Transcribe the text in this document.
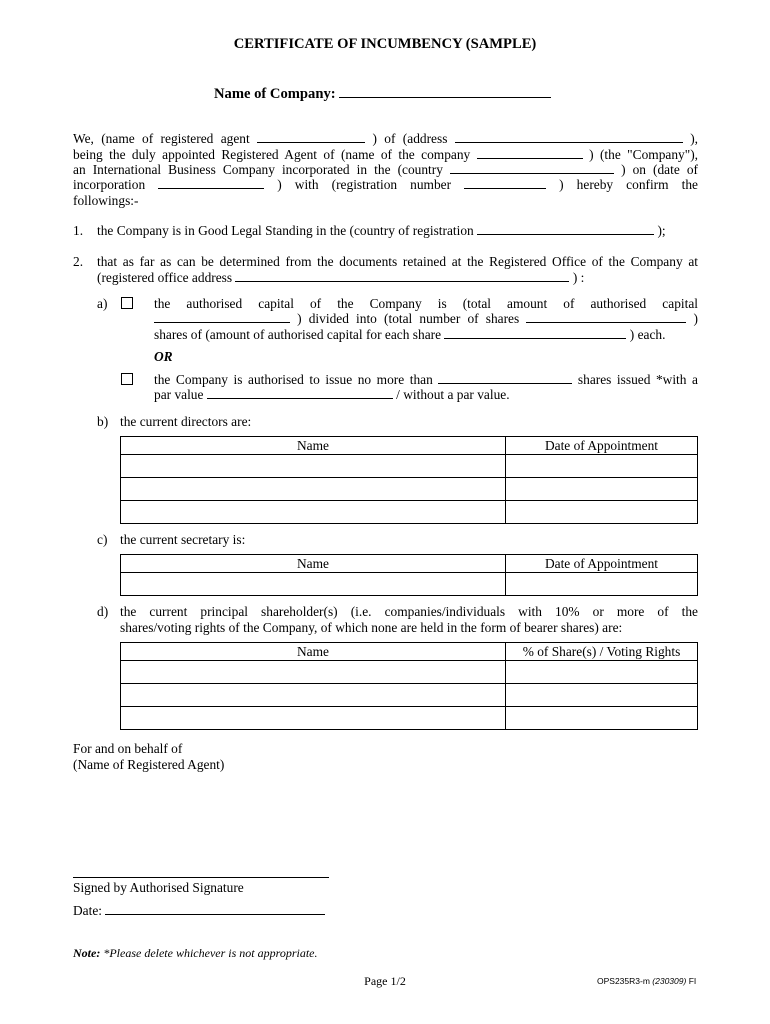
CERTIFICATE OF INCUMBENCY (SAMPLE)
Name of Company:
We, (name of registered agent	) of (address	),
being the duly appointed Registered Agent of (name of the company	) (the "Company"),
an International Business Company incorporated in the (country	) on (date of
incorporation	) with (registration number	) hereby confirm the
followings:-
1. the Company is in Good Legal Standing in the (country of registration	);
2. that as far as can be determined from the documents retained at the Registered Office of the Company at
(registered office address	) :
a)	the authorised capital of the Company is (total amount of authorised capital
) divided into (total number of shares	)
shares of (amount of authorised capital for each share	) each.
OR
the Company is authorised to issue no more than	shares issued *with a
par value	/ without a par value.
b) the current directors are:
Name	Date of Appointment

c) the current secretary is:
Name	Date of Appointment

d) the current principal shareholder(s) (i.e. companies/individuals with 10% or more of the
shares/voting rights of the Company, of which none are held in the form of bearer shares) are:
Name	% of Share(s) / Voting Rights

For and on behalf of
(Name of Registered Agent)
Signed by Authorised Signature
Date:
Note: *Please delete whichever is not appropriate.
Page 1/2	OPS235R3-m (230309) FI
